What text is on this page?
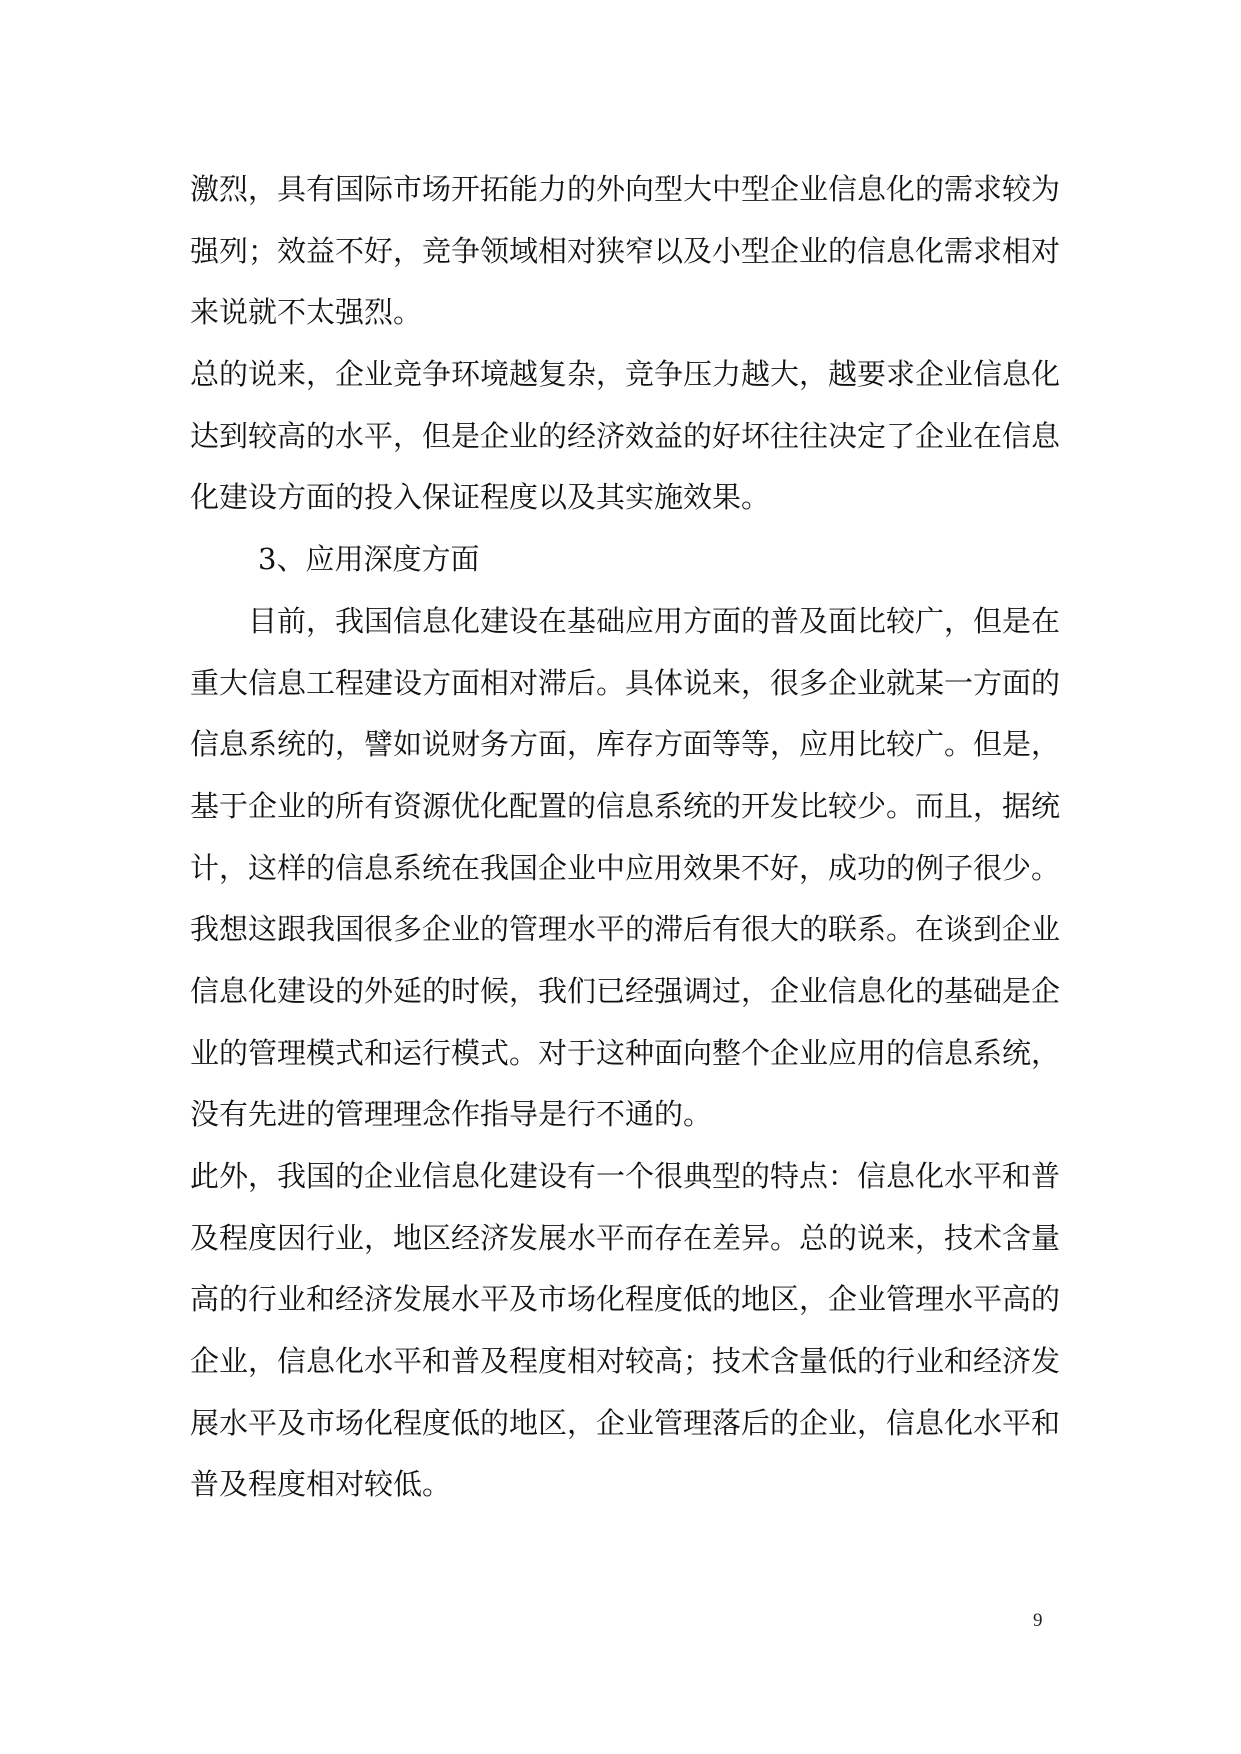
激烈，具有国际市场开拓能力的外向型大中型企业信息化的需求较为
强列；效益不好，竞争领域相对狭窄以及小型企业的信息化需求相对
来说就不太强烈。
总的说来，企业竞争环境越复杂，竞争压力越大，越要求企业信息化
达到较高的水平，但是企业的经济效益的好坏往往决定了企业在信息
化建设方面的投入保证程度以及其实施效果。
3、应用深度方面
目前，我国信息化建设在基础应用方面的普及面比较广，但是在
重大信息工程建设方面相对滞后。具体说来，很多企业就某一方面的
信息系统的，譬如说财务方面，库存方面等等，应用比较广。但是，
基于企业的所有资源优化配置的信息系统的开发比较少。而且，据统
计，这样的信息系统在我国企业中应用效果不好，成功的例子很少。
我想这跟我国很多企业的管理水平的滞后有很大的联系。在谈到企业
信息化建设的外延的时候，我们已经强调过，企业信息化的基础是企
业的管理模式和运行模式。对于这种面向整个企业应用的信息系统，
没有先进的管理理念作指导是行不通的。
此外，我国的企业信息化建设有一个很典型的特点：信息化水平和普
及程度因行业，地区经济发展水平而存在差异。总的说来，技术含量
高的行业和经济发展水平及市场化程度低的地区，企业管理水平高的
企业，信息化水平和普及程度相对较高；技术含量低的行业和经济发
展水平及市场化程度低的地区，企业管理落后的企业，信息化水平和
普及程度相对较低。
9
